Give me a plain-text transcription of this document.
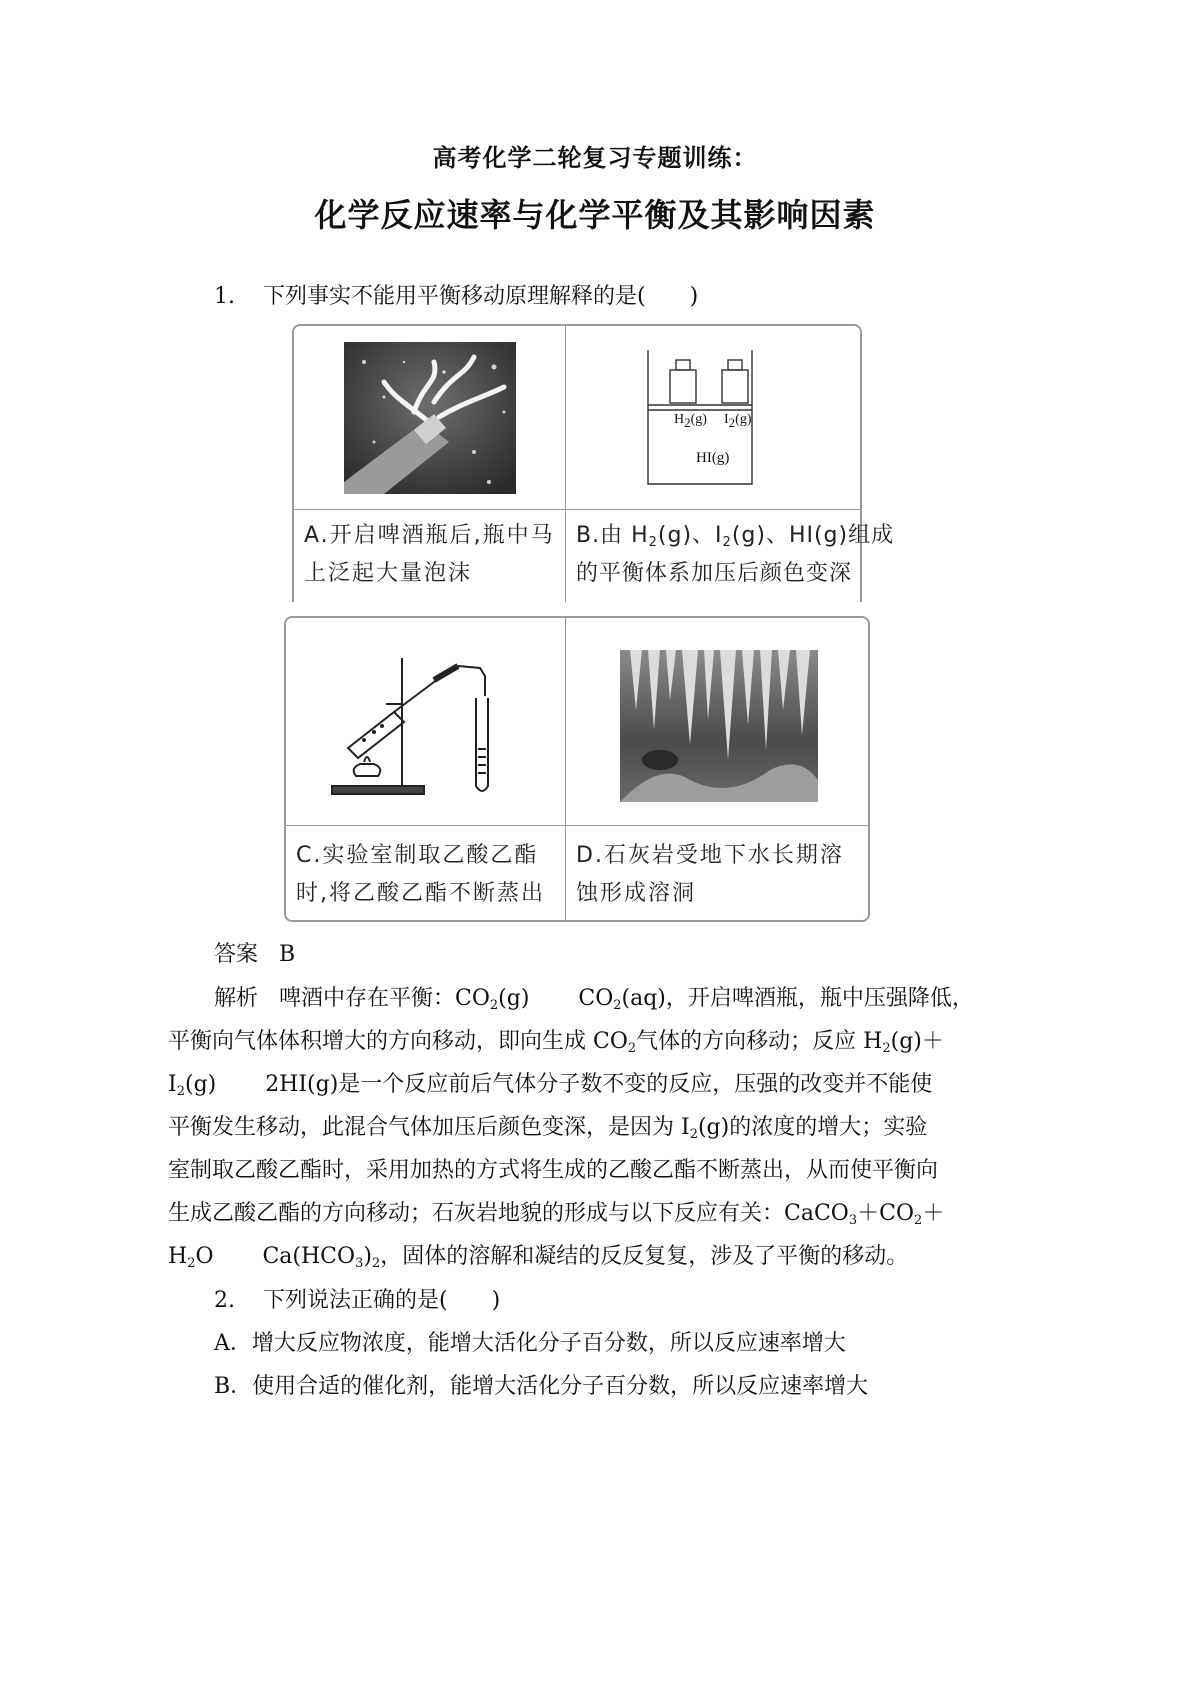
高考化学二轮复习专题训练：
化学反应速率与化学平衡及其影响因素
1. 下列事实不能用平衡移动原理解释的是(　　)
$H_2(g)$ $I_2(g)$
HI(g)
A.开启啤酒瓶后,瓶中马
上泛起大量泡沫
B.由 $H_2(g)$、$I_2(g)$、HI(g)组成
的平衡体系加压后颜色变深
C.实验室制取乙酸乙酯
时,将乙酸乙酯不断蒸出
D.石灰岩受地下水长期溶
蚀形成溶洞
答案 B
解析 啤酒中存在平衡：$CO_2(g)$ $CO_2(aq)$，开启啤酒瓶，瓶中压强降低，
平衡向气体体积增大的方向移动，即向生成 $CO_2$气体的方向移动；反应 $H_2(g)+$
$I_2(g)$ 2HI(g)是一个反应前后气体分子数不变的反应，压强的改变并不能使
平衡发生移动，此混合气体加压后颜色变深，是因为 $I_2(g)$的浓度的增大；实验
室制取乙酸乙酯时，采用加热的方式将生成的乙酸乙酯不断蒸出，从而使平衡向
生成乙酸乙酯的方向移动；石灰岩地貌的形成与以下反应有关：$CaCO_3+CO_2+$
$H_2O$ $Ca(HCO_3)_2$，固体的溶解和凝结的反反复复，涉及了平衡的移动。
2. 下列说法正确的是(　　)
A．增大反应物浓度，能增大活化分子百分数，所以反应速率增大
B．使用合适的催化剂，能增大活化分子百分数，所以反应速率增大
